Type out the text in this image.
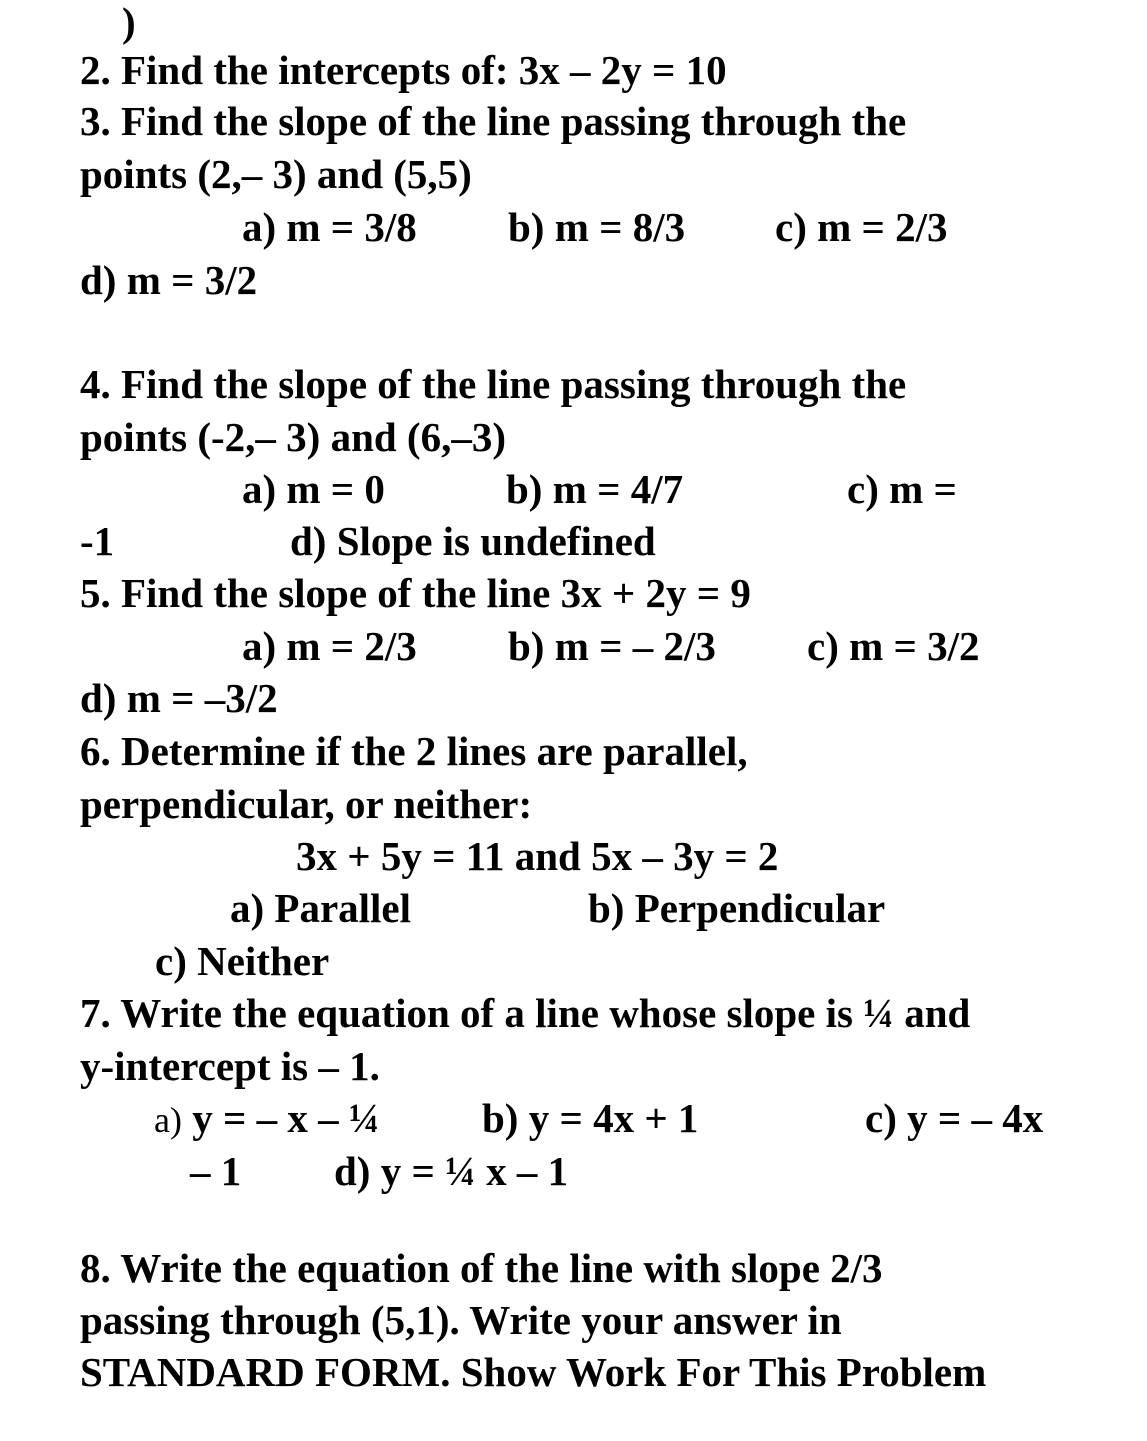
)
2. Find the intercepts of: 3x – 2y = 10
3. Find the slope of the line passing through the
points (2,– 3) and (5,5)
a) m = 3/8 b) m = 8/3 c) m = 2/3
d) m = 3/2
4. Find the slope of the line passing through the
points (-2,– 3) and (6,–3)
a) m = 0	b) m = 4/7	c) m =
-1	d) Slope is undefined
5. Find the slope of the line 3x + 2y = 9
a) m = 2/3 b) m = – 2/3 c) m = 3/2
d) m = –3/2
6. Determine if the 2 lines are parallel,
perpendicular, or neither:
3x + 5y = 11 and 5x – 3y = 2
a) Parallel	b) Perpendicular
c) Neither
7. Write the equation of a line whose slope is ¼ and
y-intercept is – 1.
a) y = – x – ¼ b) y = 4x + 1	c) y = – 4x
– 1 d) y = ¼ x – 1
8. Write the equation of the line with slope 2/3
passing through (5,1). Write your answer in
STANDARD FORM. Show Work For This Problem
